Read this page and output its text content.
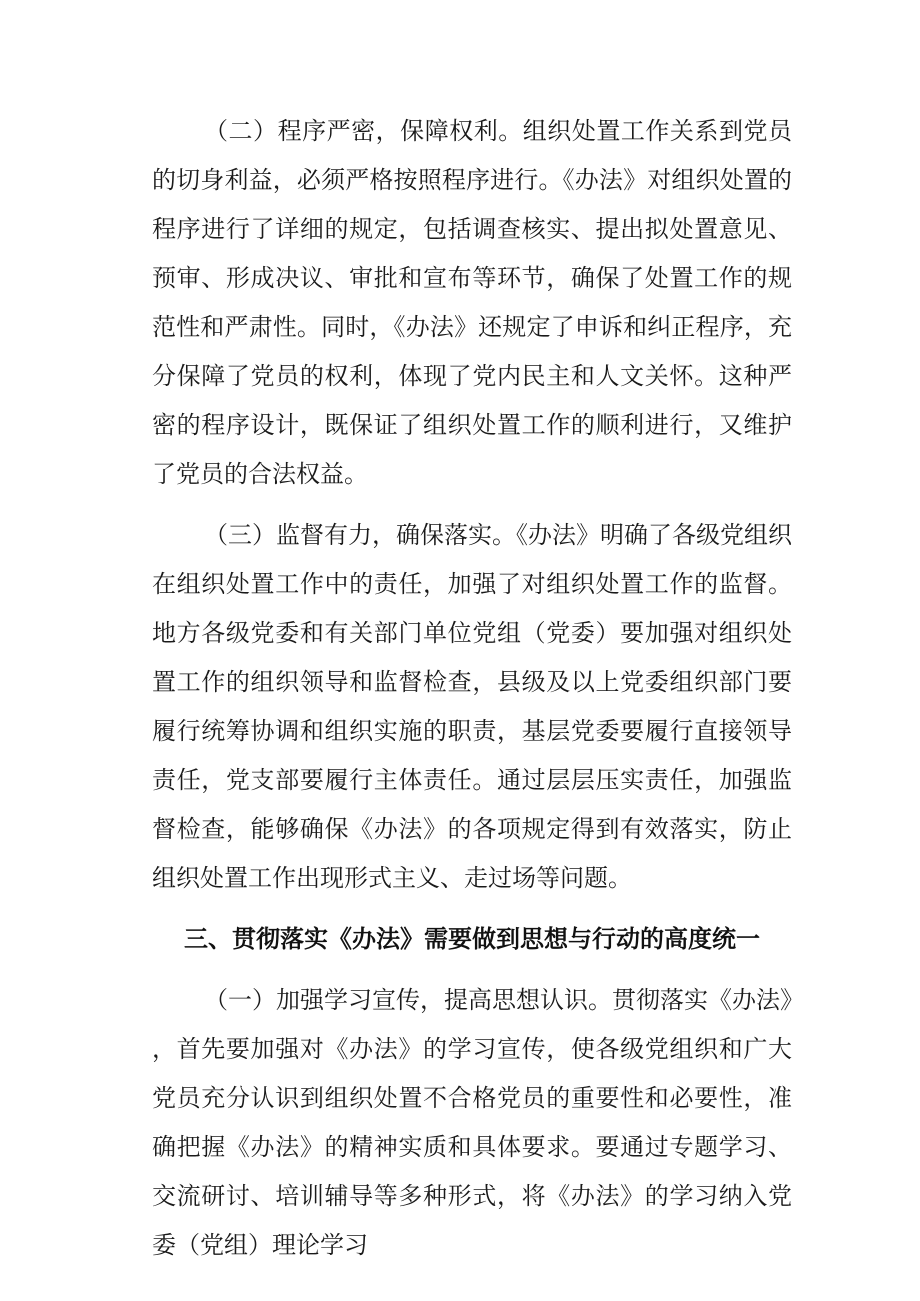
（二）程序严密，保障权利。组织处置工作关系到党员的切身利益，必须严格按照程序进行。《办法》对组织处置的程序进行了详细的规定，包括调查核实、提出拟处置意见、预审、形成决议、审批和宣布等环节，确保了处置工作的规范性和严肃性。同时，《办法》还规定了申诉和纠正程序，充分保障了党员的权利，体现了党内民主和人文关怀。这种严密的程序设计，既保证了组织处置工作的顺利进行，又维护了党员的合法权益。

（三）监督有力，确保落实。《办法》明确了各级党组织在组织处置工作中的责任，加强了对组织处置工作的监督。地方各级党委和有关部门单位党组（党委）要加强对组织处置工作的组织领导和监督检查，县级及以上党委组织部门要履行统筹协调和组织实施的职责，基层党委要履行直接领导责任，党支部要履行主体责任。通过层层压实责任，加强监督检查，能够确保《办法》的各项规定得到有效落实，防止组织处置工作出现形式主义、走过场等问题。

三、贯彻落实《办法》需要做到思想与行动的高度统一

（一）加强学习宣传，提高思想认识。贯彻落实《办法》，首先要加强对《办法》的学习宣传，使各级党组织和广大党员充分认识到组织处置不合格党员的重要性和必要性，准确把握《办法》的精神实质和具体要求。要通过专题学习、交流研讨、培训辅导等多种形式，将《办法》的学习纳入党委（党组）理论学习
